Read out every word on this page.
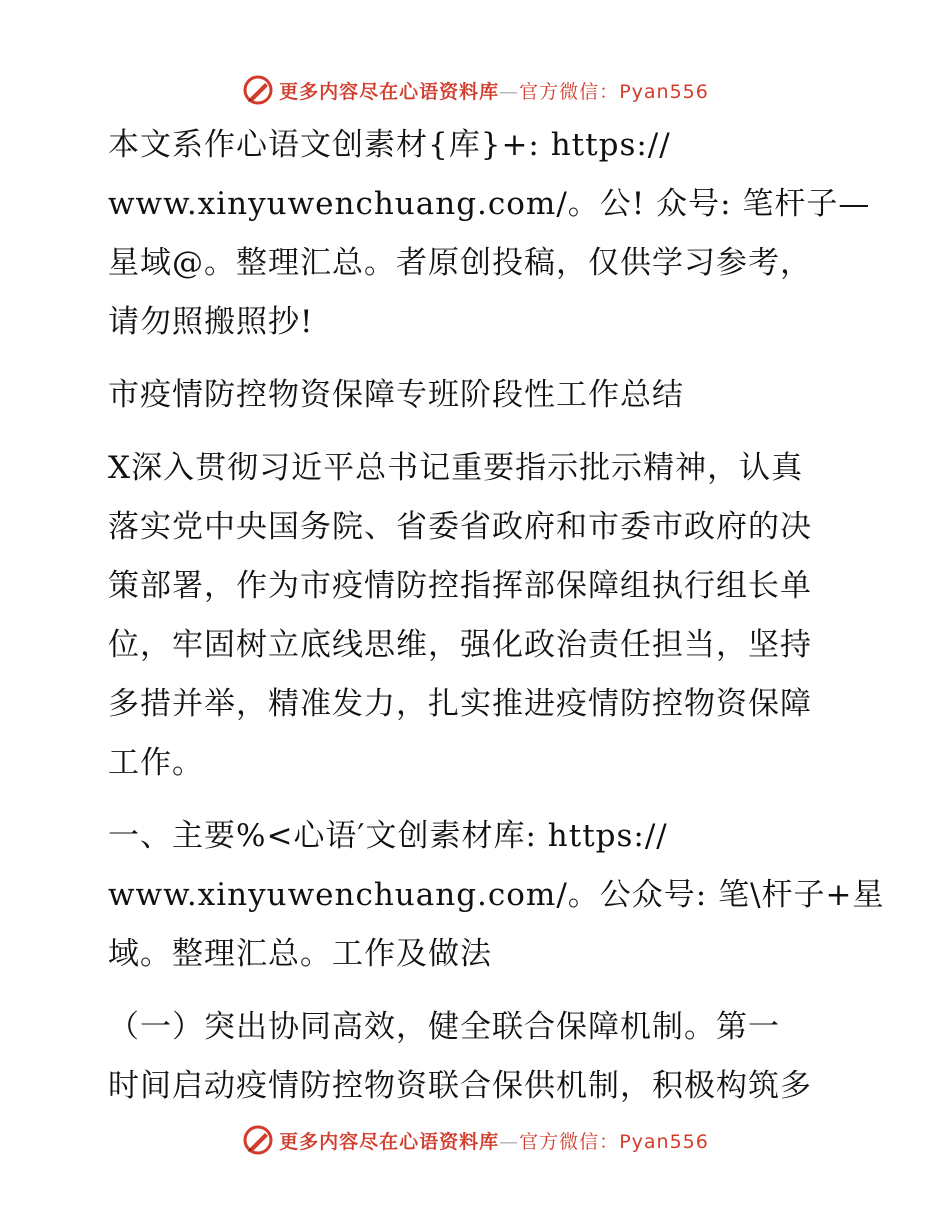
更多内容尽在心语资料库—官方微信：Pyan556
本文系作心语文创素材{库}+: https://
www.xinyuwenchuang.com/。公! 众号: 笔杆子—
星域@。整理汇总。者原创投稿，仅供学习参考，
请勿照搬照抄!
市疫情防控物资保障专班阶段性工作总结
X深入贯彻习近平总书记重要指示批示精神，认真
落实党中央国务院、省委省政府和市委市政府的决
策部署，作为市疫情防控指挥部保障组执行组长单
位，牢固树立底线思维，强化政治责任担当，坚持
多措并举，精准发力，扎实推进疫情防控物资保障
工作。
一、主要%<心语′文创素材库: https://
www.xinyuwenchuang.com/。公众号: 笔\杆子+星
域。整理汇总。工作及做法
（一）突出协同高效，健全联合保障机制。第一
时间启动疫情防控物资联合保供机制，积极构筑多
更多内容尽在心语资料库—官方微信：Pyan556
